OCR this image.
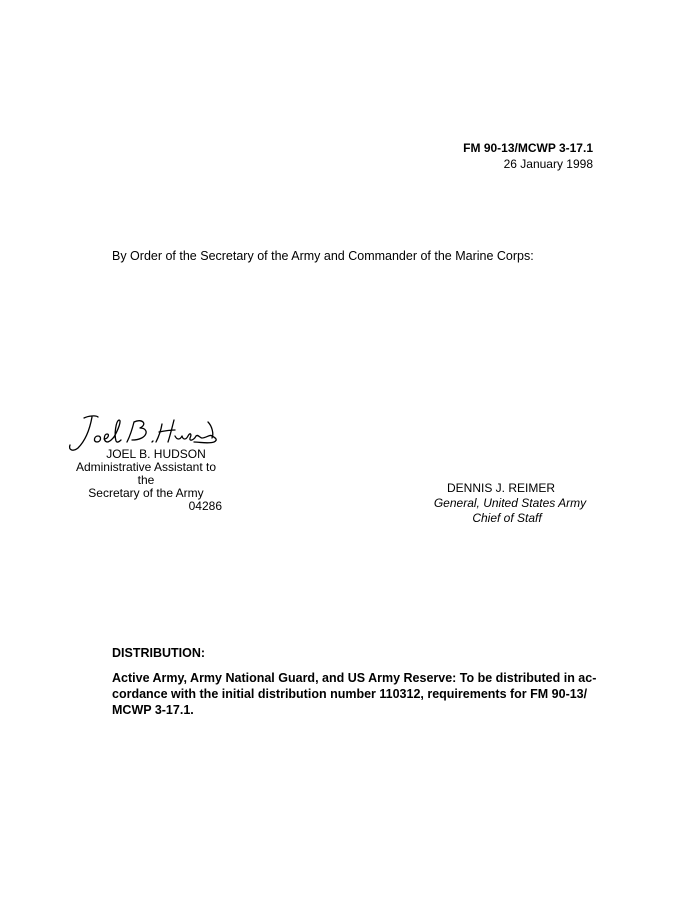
FM 90-13/MCWP 3-17.1
26 January 1998
By Order of the Secretary of the Army and Commander of the Marine Corps:
JOEL B. HUDSON
Administrative Assistant to the
Secretary of the Army
04286
DENNIS J. REIMER
General, United States Army
Chief of Staff
DISTRIBUTION:
Active Army, Army National Guard, and US Army Reserve: To be distributed in ac-
cordance with the initial distribution number 110312, requirements for FM 90-13/
MCWP 3-17.1.
